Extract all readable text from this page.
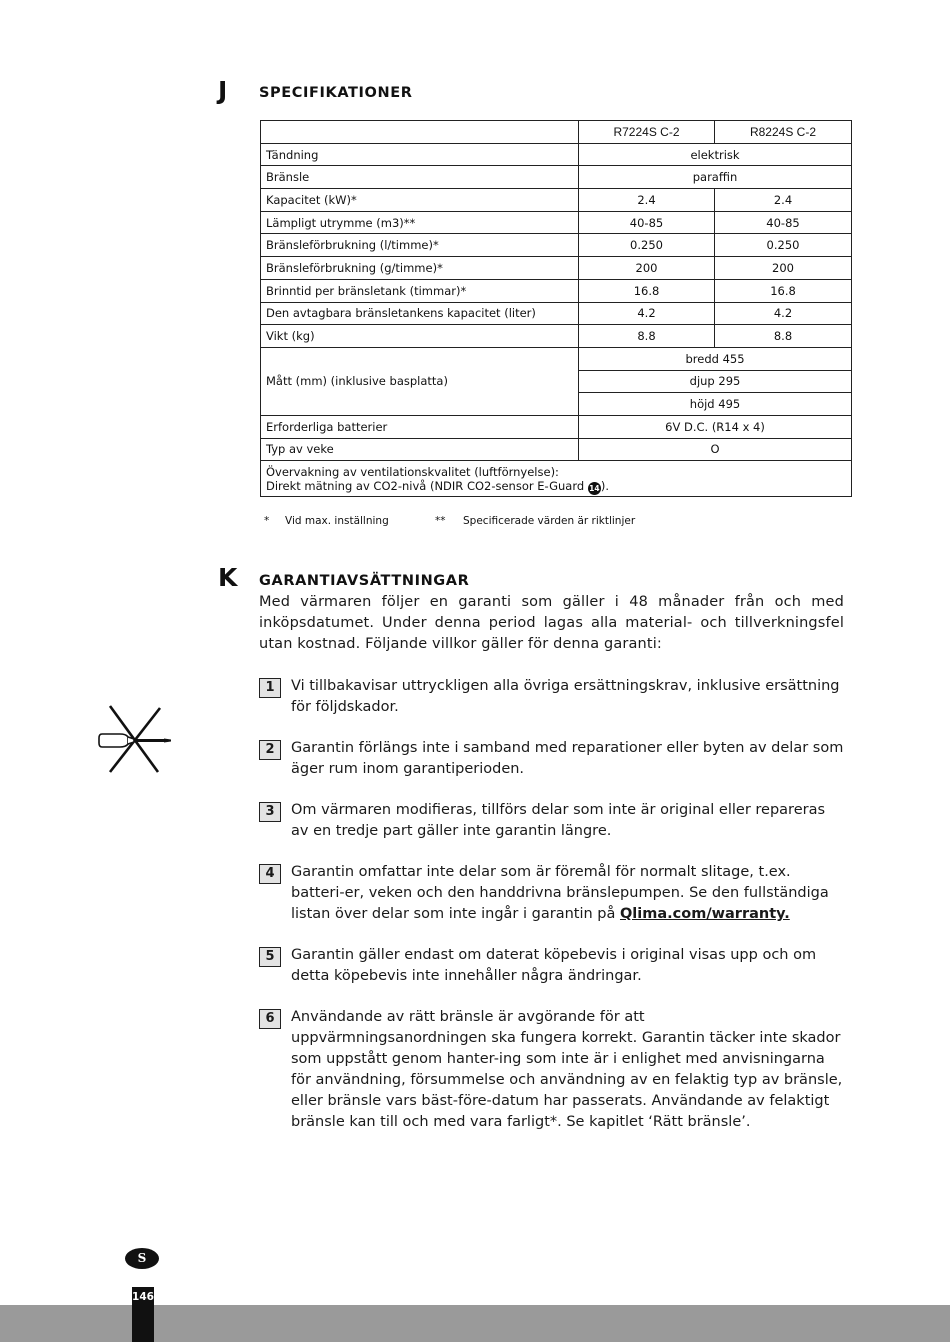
J SPECIFIKATIONER
	R7224S C-2	R8224S C-2
Tändning	elektrisk	
Bränsle	paraffin	
Kapacitet (kW)*	2.4	2.4
Lämpligt utrymme (m3)**	40-85	40-85
Bränsleförbrukning (l/timme)*	0.250	0.250
Bränsleförbrukning (g/timme)*	200	200
Brinntid per bränsletank (timmar)*	16.8	16.8
Den avtagbara bränsletankens kapacitet (liter)	4.2	4.2
Vikt (kg)	8.8	8.8
Mått (mm) (inklusive basplatta)	bredd 455	
	djup 295	
	höjd 495	
Erforderliga batterier	6V D.C. (R14 x 4)	
Typ av veke	O	

Övervakning av ventilationskvalitet (luftförnyelse):
Direkt mätning av CO2-nivå (NDIR CO2-sensor E-Guard 14).		
* Vid max. inställning	** Specificerade värden är riktlinjer
K GARANTIAVSÄTTNINGAR
Med värmaren följer en garanti som gäller i 48 månader från och med inköpsdatumet. Under denna period lagas alla material- och tillverkningsfel utan kostnad. Följande villkor gäller för denna garanti:
1	Vi tillbakavisar uttryckligen alla övriga ersättningskrav, inklusive ersättning för följdskador.
2	Garantin förlängs inte i samband med reparationer eller byten av delar som äger rum inom garantiperioden.
3	Om värmaren modifieras, tillförs delar som inte är original eller repareras av en tredje part gäller inte garantin längre.
4	Garantin omfattar inte delar som är föremål för normalt slitage, t.ex. batteri-er, veken och den handdrivna bränslepumpen. Se den fullständiga listan över delar som inte ingår i garantin på Qlima.com/warranty.
5	Garantin gäller endast om daterat köpebevis i original visas upp och om detta köpebevis inte innehåller några ändringar.
6	Användande av rätt bränsle är avgörande för att uppvärmningsanordningen ska fungera korrekt. Garantin täcker inte skador som uppstått genom hanter-ing som inte är i enlighet med anvisningarna för användning, försummelse och användning av en felaktig typ av bränsle, eller bränsle vars bäst-före-datum har passerats. Användande av felaktigt bränsle kan till och med vara farligt*. Se kapitlet ‘Rätt bränsle’.
S
146
